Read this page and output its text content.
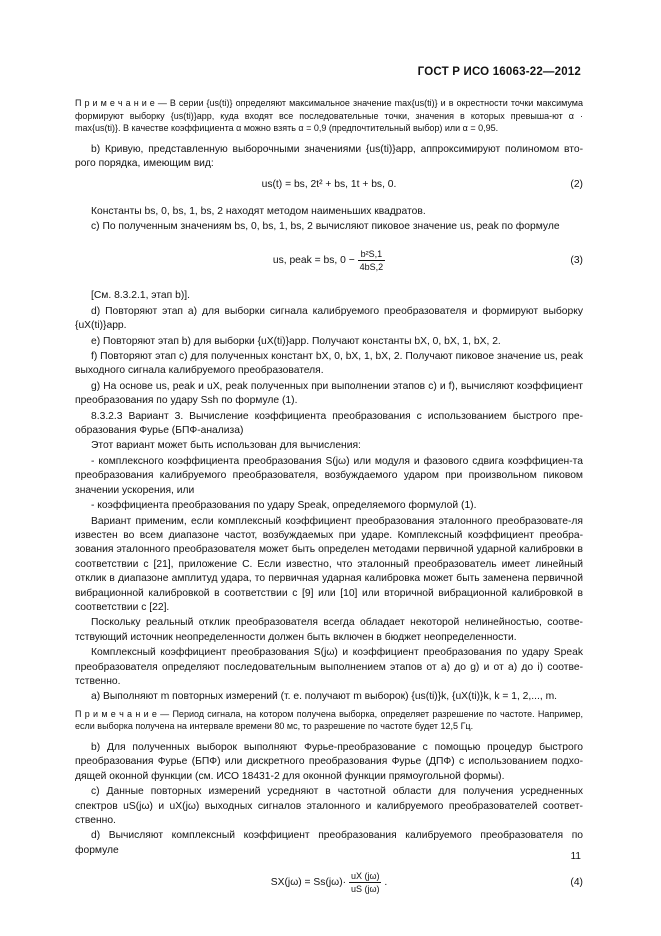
ГОСТ Р ИСО 16063-22—2012

П р и м е ч а н и е — В серии {us(ti)} определяют максимальное значение max{us(ti)} и в окрестности точки максимума формируют выборку {us(ti)}app, куда входят все последовательные точки, значения в которых превыша-ют α · max{us(ti)}. В качестве коэффициента α можно взять α = 0,9 (предпочтительный выбор) или α = 0,95.

b) Кривую, представленную выборочными значениями {us(ti)}app, аппроксимируют полиномом вто-рого порядка, имеющим вид:

us(t) = bs, 2t² + bs, 1t + bs, 0.	(2)

Константы bs, 0, bs, 1, bs, 2 находят методом наименьших квадратов.

c) По полученным значениям bs, 0, bs, 1, bs, 2 вычисляют пиковое значение us, peak по формуле

us, peak = bs, $0 - \frac{\text{b²S,1}}{4bS,2}$	(3)

[См. 8.3.2.1, этап b)].

d) Повторяют этап a) для выборки сигнала калибруемого преобразователя и формируют выборку {uX(ti)}app.

e) Повторяют этап b) для выборки {uX(ti)}app. Получают константы bX, 0, bX, 1, bX, 2.

f) Повторяют этап c) для полученных констант bX, 0, bX, 1, bX, 2. Получают пиковое значение us, peak выходного сигнала калибруемого преобразователя.

g) На основе us, peak и uX, peak полученных при выполнении этапов c) и f), вычисляют коэффициент преобразования по удару Ssh по формуле (1).

8.3.2.3 Вариант 3. Вычисление коэффициента преобразования с использованием быстрого пре-образования Фурье (БПФ-анализа)

Этот вариант может быть использован для вычисления:

- комплексного коэффициента преобразования S(jω) или модуля и фазового сдвига коэффициен-та преобразования калибруемого преобразователя, возбуждаемого ударом при произвольном пиковом значении ускорения, или

- коэффициента преобразования по удару Speak, определяемого формулой (1).

Вариант применим, если комплексный коэффициент преобразования эталонного преобразовате-ля известен во всем диапазоне частот, возбуждаемых при ударе. Комплексный коэффициент преобра-зования эталонного преобразователя может быть определен методами первичной ударной калибровки в соответствии с [21], приложение C. Если известно, что эталонный преобразователь имеет линейный отклик в диапазоне амплитуд удара, то первичная ударная калибровка может быть заменена первичной вибрационной калибровкой в соответствии с [9] или [10] или вторичной вибрационной калибровкой в соответствии с [22].

Поскольку реальный отклик преобразователя всегда обладает некоторой нелинейностью, соотве-тствующий источник неопределенности должен быть включен в бюджет неопределенности.

Комплексный коэффициент преобразования S(jω) и коэффициент преобразования по удару Speak преобразователя определяют последовательным выполнением этапов от a) до g) и от a) до i) соотве-тственно.

a) Выполняют m повторных измерений (т. е. получают m выборок) {us(ti)}k, {uX(ti)}k, k = 1, 2,..., m.

П р и м е ч а н и е — Период сигнала, на котором получена выборка, определяет разрешение по частоте. Например, если выборка получена на интервале времени 80 мс, то разрешение по частоте будет 12,5 Гц.

b) Для полученных выборок выполняют Фурье-преобразование с помощью процедур быстрого преобразования Фурье (БПФ) или дискретного преобразования Фурье (ДПФ) с использованием подхо-дящей оконной функции (см. ИСО 18431-2 для оконной функции прямоугольной формы).

c) Данные повторных измерений усредняют в частотной области для получения усредненных спектров uS(jω) и uX(jω) выходных сигналов эталонного и калибруемого преобразователей соответ-ственно.

d) Вычисляют комплексный коэффициент преобразования калибруемого преобразователя по формуле

$SX(j\omega) = Ss(j\omega)\cdot \frac{uX (j\omega)}{uS (j\omega)}$ .	(4)
11
